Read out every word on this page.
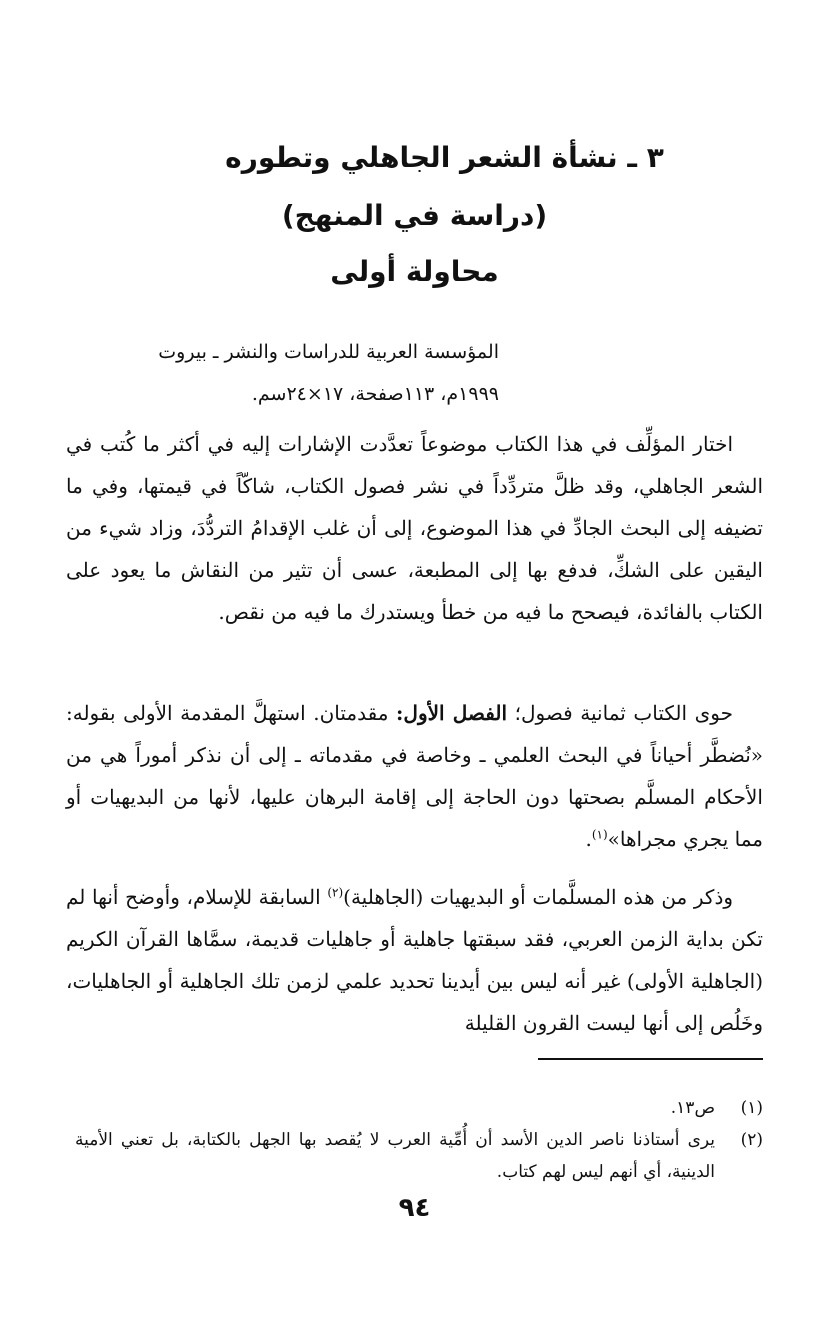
٣ ـ نشأة الشعر الجاهلي وتطوره
(دراسة في المنهج)
محاولة أولى

المؤسسة العربية للدراسات والنشر ـ بيروت

١٩٩٩م، ١١٣صفحة، ١٧×٢٤سم.

اختار المؤلِّف في هذا الكتاب موضوعاً تعدَّدت الإشارات إليه في أكثر ما كُتب في الشعر الجاهلي، وقد ظلَّ متردِّداً في نشر فصول الكتاب، شاكّاً في قيمتها، وفي ما تضيفه إلى البحث الجادِّ في هذا الموضوع، إلى أن غلب الإقدامُ التردُّدَ، وزاد شيء من اليقين على الشكِّ، فدفع بها إلى المطبعة، عسى أن تثير من النقاش ما يعود على الكتاب بالفائدة، فيصحح ما فيه من خطأ ويستدرك ما فيه من نقص.

حوى الكتاب ثمانية فصول؛ الفصل الأول: مقدمتان. استهلَّ المقدمة الأولى بقوله: «نُضطَّر أحياناً في البحث العلمي ـ وخاصة في مقدماته ـ إلى أن نذكر أموراً هي من الأحكام المسلَّم بصحتها دون الحاجة إلى إقامة البرهان عليها، لأنها من البديهيات أو مما يجري مجراها»$^{(١)}$.

وذكر من هذه المسلَّمات أو البديهيات (الجاهلية)$^{(٢)}$ السابقة للإسلام، وأوضح أنها لم تكن بداية الزمن العربي، فقد سبقتها جاهلية أو جاهليات قديمة، سمَّاها القرآن الكريم (الجاهلية الأولى) غير أنه ليس بين أيدينا تحديد علمي لزمن تلك الجاهلية أو الجاهليات، وخَلُص إلى أنها ليست القرون القليلة

(١)ص١٣.

(٢)يرى أستاذنا ناصر الدين الأسد أن أُمِّية العرب لا يُقصد بها الجهل بالكتابة، بل تعني الأمية الدينية، أي أنهم ليس لهم كتاب.

٩٤
